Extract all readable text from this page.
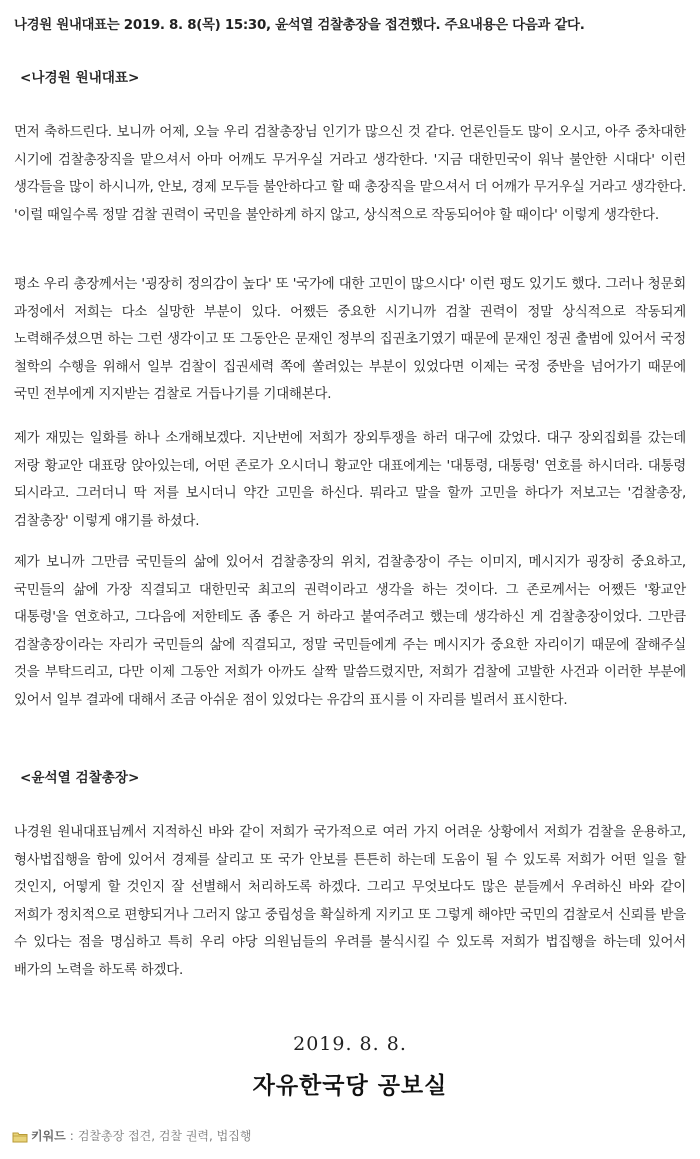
나경원 원내대표는 2019. 8. 8(목) 15:30, 윤석열 검찰총장을 접견했다. 주요내용은 다음과 같다.

<나경원 원내대표>

먼저 축하드린다. 보니까 어제, 오늘 우리 검찰총장님 인기가 많으신 것 같다. 언론인들도 많이 오시고, 아주 중차대한 시기에 검찰총장직을 맡으셔서 아마 어깨도 무거우실 거라고 생각한다. '지금 대한민국이 워낙 불안한 시대다' 이런 생각들을 많이 하시니까, 안보, 경제 모두들 불안하다고 할 때 총장직을 맡으셔서 더 어깨가 무거우실 거라고 생각한다. '이럴 때일수록 정말 검찰 권력이 국민을 불안하게 하지 않고, 상식적으로 작동되어야 할 때이다' 이렇게 생각한다.

평소 우리 총장께서는 '굉장히 정의감이 높다' 또 '국가에 대한 고민이 많으시다' 이런 평도 있기도 했다. 그러나 청문회 과정에서 저희는 다소 실망한 부분이 있다. 어쨌든 중요한 시기니까 검찰 권력이 정말 상식적으로 작동되게 노력해주셨으면 하는 그런 생각이고 또 그동안은 문재인 정부의 집권초기였기 때문에 문재인 정권 출범에 있어서 국정 철학의 수행을 위해서 일부 검찰이 집권세력 쪽에 쏠려있는 부분이 있었다면 이제는 국정 중반을 넘어가기 때문에 국민 전부에게 지지받는 검찰로 거듭나기를 기대해본다.

제가 재밌는 일화를 하나 소개해보겠다. 지난번에 저희가 장외투쟁을 하러 대구에 갔었다. 대구 장외집회를 갔는데 저랑 황교안 대표랑 앉아있는데, 어떤 존로가 오시더니 황교안 대표에게는 '대통령, 대통령' 연호를 하시더라. 대통령 되시라고. 그러더니 딱 저를 보시더니 약간 고민을 하신다. 뭐라고 말을 할까 고민을 하다가 저보고는 '검찰총장, 검찰총장' 이렇게 얘기를 하셨다.

제가 보니까 그만큼 국민들의 삶에 있어서 검찰총장의 위치, 검찰총장이 주는 이미지, 메시지가 굉장히 중요하고, 국민들의 삶에 가장 직결되고 대한민국 최고의 권력이라고 생각을 하는 것이다. 그 존로께서는 어쨌든 '황교안 대통령'을 연호하고, 그다음에 저한테도 좀 좋은 거 하라고 붙여주려고 했는데 생각하신 게 검찰총장이었다. 그만큼 검찰총장이라는 자리가 국민들의 삶에 직결되고, 정말 국민들에게 주는 메시지가 중요한 자리이기 때문에 잘해주실 것을 부탁드리고, 다만 이제 그동안 저희가 아까도 살짝 말씀드렸지만, 저희가 검찰에 고발한 사건과 이러한 부분에 있어서 일부 결과에 대해서 조금 아쉬운 점이 있었다는 유감의 표시를 이 자리를 빌려서 표시한다.

<윤석열 검찰총장>

나경원 원내대표님께서 지적하신 바와 같이 저희가 국가적으로 여러 가지 어려운 상황에서 저희가 검찰을 운용하고, 형사법집행을 함에 있어서 경제를 살리고 또 국가 안보를 튼튼히 하는데 도움이 될 수 있도록 저희가 어떤 일을 할 것인지, 어떻게 할 것인지 잘 선별해서 처리하도록 하겠다. 그리고 무엇보다도 많은 분들께서 우려하신 바와 같이 저희가 정치적으로 편향되거나 그러지 않고 중립성을 확실하게 지키고 또 그렇게 해야만 국민의 검찰로서 신뢰를 받을 수 있다는 점을 명심하고 특히 우리 야당 의원님들의 우려를 불식시킬 수 있도록 저희가 법집행을 하는데 있어서 배가의 노력을 하도록 하겠다.

2019. 8. 8.
자유한국당 공보실
키워드 : 검찰총장 접견, 검찰 권력, 법집행
